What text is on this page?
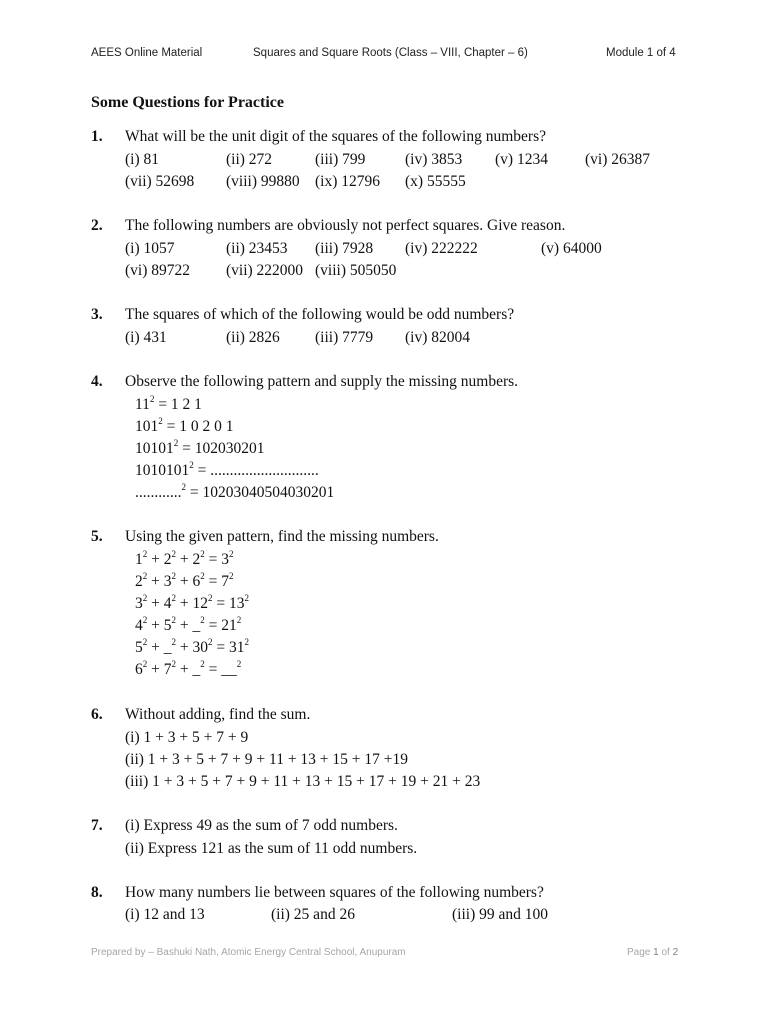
AEES Online Material	Squares and Square Roots (Class – VIII, Chapter – 6)	Module 1 of 4
Some Questions for Practice
1. What will be the unit digit of the squares of the following numbers?
(i) 81	(ii) 272	(iii) 799	(iv) 3853 (v) 1234 (vi) 26387
(vii) 52698 (viii) 99880 (ix) 12796 (x) 55555
2. The following numbers are obviously not perfect squares. Give reason.
(i) 1057	(ii) 23453 (iii) 7928 (iv) 222222	(v) 64000
(vi) 89722 (vii) 222000 (viii) 505050
3. The squares of which of the following would be odd numbers?
(i) 431	(ii) 2826 (iii) 7779 (iv) 82004
4. Observe the following pattern and supply the missing numbers.
$11^2 = 1$ 2 1
$101^2 = 1$ 0 2 0 1
$10101^2 = 102030201$
$1010101^2$ = ............................
............$^2$ = 10203040504030201
5. Using the given pattern, find the missing numbers.
$1^2 + 2^2 + 2^2 = 3^2$
$2^2 + 3^2 + 6^2 = 7^2$
$3^2 + 4^2 + 12^2 = 13^2$
$4^2 + 5^2$ + _$^2$ = $21^2$
$5^2$ + _$^2$ + $30^2 = 31^2$
$6^2 + 7^2$ + _$^2$ = __$^2$
6. Without adding, find the sum.
(i) 1 + 3 + 5 + 7 + 9
(ii) 1 + 3 + 5 + 7 + 9 + 11 + 13 + 15 + 17 +19
(iii) 1 + 3 + 5 + 7 + 9 + 11 + 13 + 15 + 17 + 19 + 21 + 23
7. (i) Express 49 as the sum of 7 odd numbers.
(ii) Express 121 as the sum of 11 odd numbers.
8. How many numbers lie between squares of the following numbers?
(i) 12 and 13	(ii) 25 and 26	(iii) 99 and 100
Prepared by – Bashuki Nath, Atomic Energy Central School, Anupuram	Page 1 of 2
